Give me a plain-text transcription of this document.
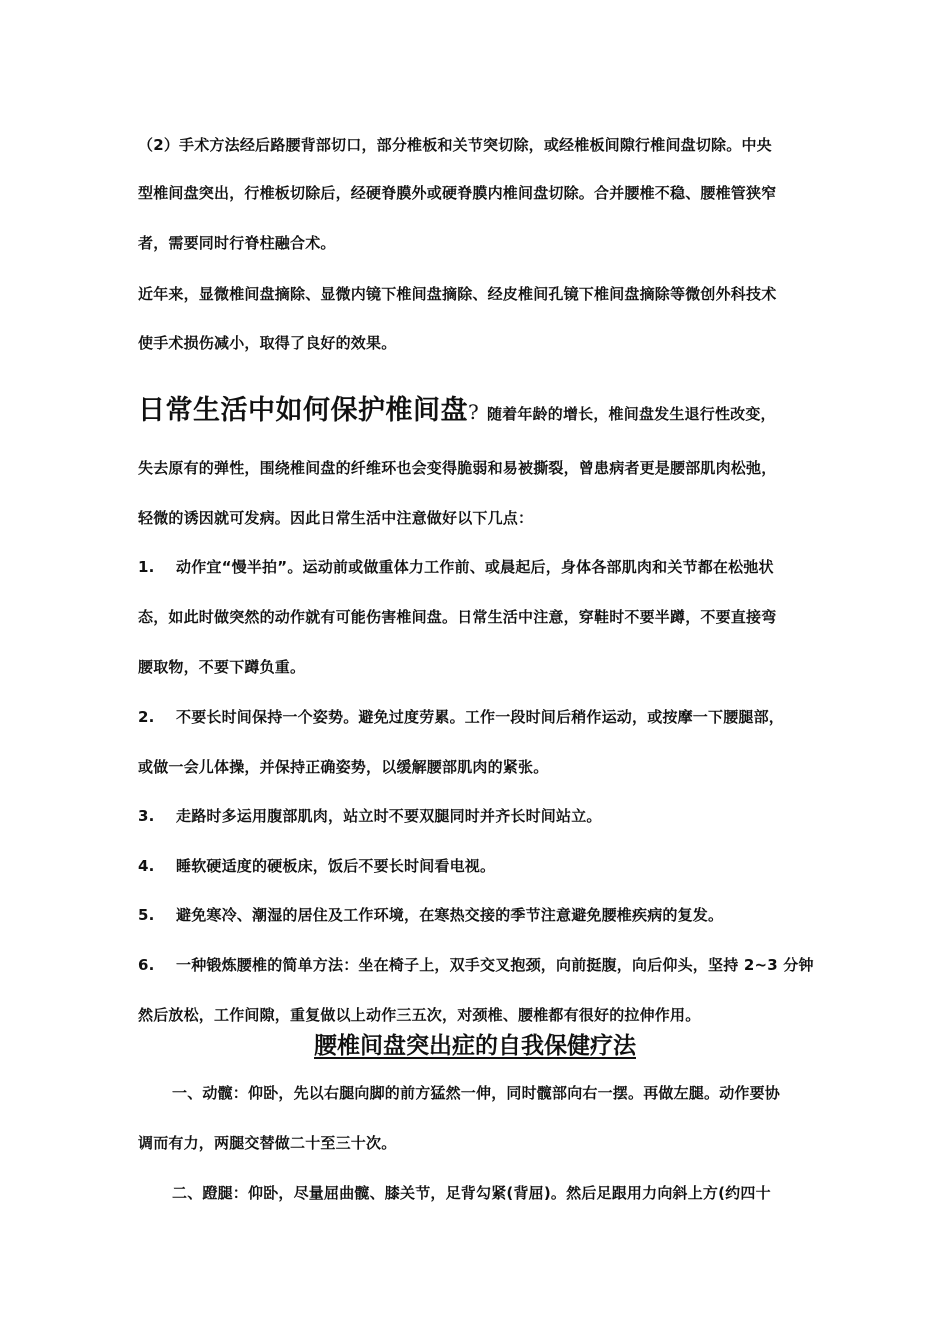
（2）手术方法经后路腰背部切口，部分椎板和关节突切除，或经椎板间隙行椎间盘切除。中央
型椎间盘突出，行椎板切除后，经硬脊膜外或硬脊膜内椎间盘切除。合并腰椎不稳、腰椎管狭窄
者，需要同时行脊柱融合术。
近年来，显微椎间盘摘除、显微内镜下椎间盘摘除、经皮椎间孔镜下椎间盘摘除等微创外科技术
使手术损伤减小，取得了良好的效果。
日常生活中如何保护椎间盘? 随着年龄的增长，椎间盘发生退行性改变，
失去原有的弹性，围绕椎间盘的纤维环也会变得脆弱和易被撕裂，曾患病者更是腰部肌肉松弛，
轻微的诱因就可发病。因此日常生活中注意做好以下几点：
1. 动作宜“慢半拍”。运动前或做重体力工作前、或晨起后，身体各部肌肉和关节都在松弛状
态，如此时做突然的动作就有可能伤害椎间盘。日常生活中注意，穿鞋时不要半蹲，不要直接弯
腰取物，不要下蹲负重。
2. 不要长时间保持一个姿势。避免过度劳累。工作一段时间后稍作运动，或按摩一下腰腿部，
或做一会儿体操，并保持正确姿势，以缓解腰部肌肉的紧张。
3. 走路时多运用腹部肌肉，站立时不要双腿同时并齐长时间站立。
4. 睡软硬适度的硬板床，饭后不要长时间看电视。
5. 避免寒冷、潮湿的居住及工作环境，在寒热交接的季节注意避免腰椎疾病的复发。
6. 一种锻炼腰椎的简单方法：坐在椅子上，双手交叉抱颈，向前挺腹，向后仰头，坚持 2~3 分钟
然后放松，工作间隙，重复做以上动作三五次，对颈椎、腰椎都有很好的拉伸作用。
腰椎间盘突出症的自我保健疗法
一、动髋：仰卧，先以右腿向脚的前方猛然一伸，同时髋部向右一摆。再做左腿。动作要协
调而有力，两腿交替做二十至三十次。
二、蹬腿：仰卧，尽量屈曲髋、膝关节，足背勾紧(背屈)。然后足跟用力向斜上方(约四十
